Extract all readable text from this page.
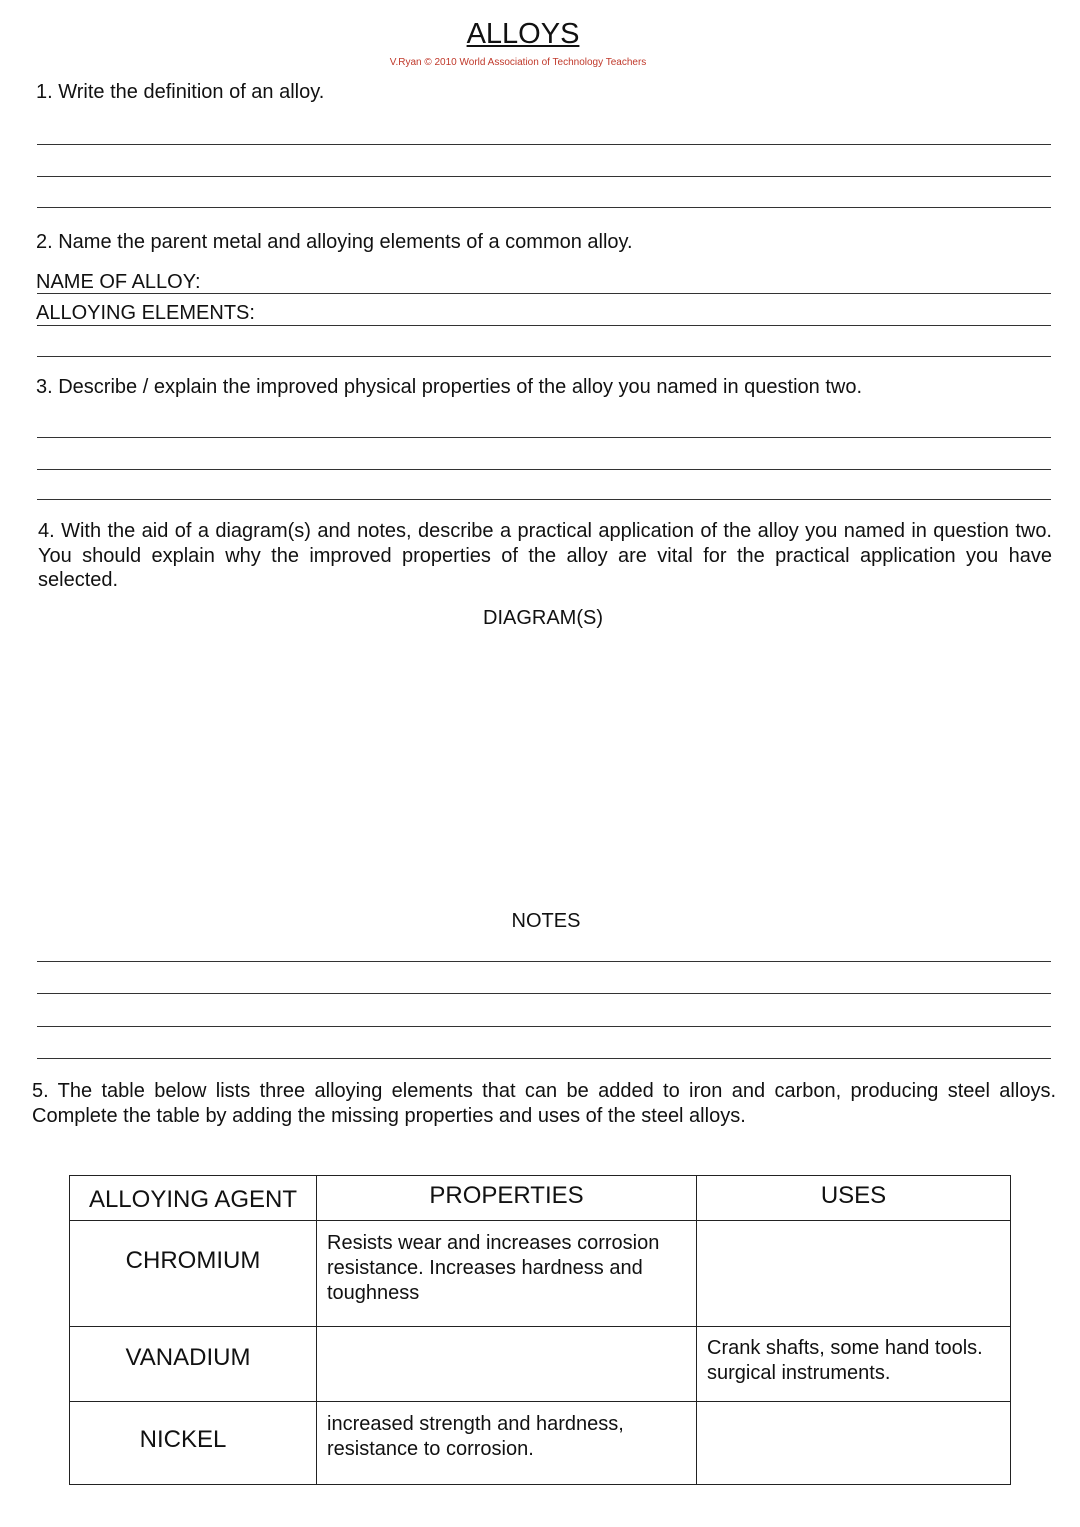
ALLOYS
V.Ryan © 2010 World Association of Technology Teachers
1. Write the definition of an alloy.
2. Name the parent metal and alloying elements of a common alloy.
NAME OF ALLOY:
ALLOYING ELEMENTS:
3. Describe / explain the improved physical properties of the alloy you named in question two.
4. With the aid of a diagram(s) and notes, describe a practical application of the alloy you named in question two. You should explain why the improved properties of the alloy are vital for the practical application you have selected.
DIAGRAM(S)
NOTES
5. The table below lists three alloying elements that can be added to iron and carbon, producing steel alloys. Complete the table by adding the missing properties and uses of the steel alloys.
ALLOYING AGENT	PROPERTIES	USES
CHROMIUM	Resists wear and increases corrosion resistance. Increases hardness and toughness	
VANADIUM		Crank shafts, some hand tools. surgical instruments.
NICKEL	increased strength and hardness, resistance to corrosion.	
